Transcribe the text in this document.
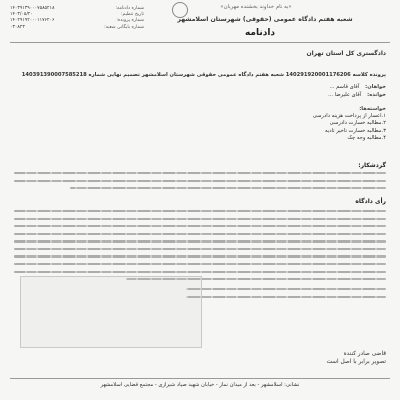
شماره دادنامه:
۱۴۰۳۹۱۳۹۰۰۰۷۵۸۵۲۱۸
تاریخ تنظیم:
۱۴۰۳/۰۵/۲۰
شماره پرونده:
۱۴۰۲۹۱۹۲۰۰۰۱۱۷۶۲۰۶
شماره بایگانی شعبه:
۰۳۰۸۲۳
«به نام خداوند بخشنده مهربان»
شعبه هفتم دادگاه عمومی (حقوقی) شهرستان اسلامشهر
دادنامه
دادگستری کل استان تهران
پرونده کلاسه 140291920001176206 شعبه هفتم دادگاه عمومی حقوقی شهرستان اسلامشهر تصمیم نهایی شماره 140391390007585218
خواهان:
آقای قاسم ...
خوانده:
آقای علیرضا ...
خواسته‌ها:
۱.اعسار از پرداخت هزینه دادرسی
۲.مطالبه خسارت دادرسی
۳.مطالبه خسارت تاخیر تادیه
۴.مطالبه وجه چک
گردشکار:
رأی دادگاه
قاضی صادر کننده
تصویر برابر با اصل است
نشانی: اسلامشهر - بعد از میدان نماز - خیابان شهید صیاد شیرازی - مجتمع قضایی اسلامشهر
